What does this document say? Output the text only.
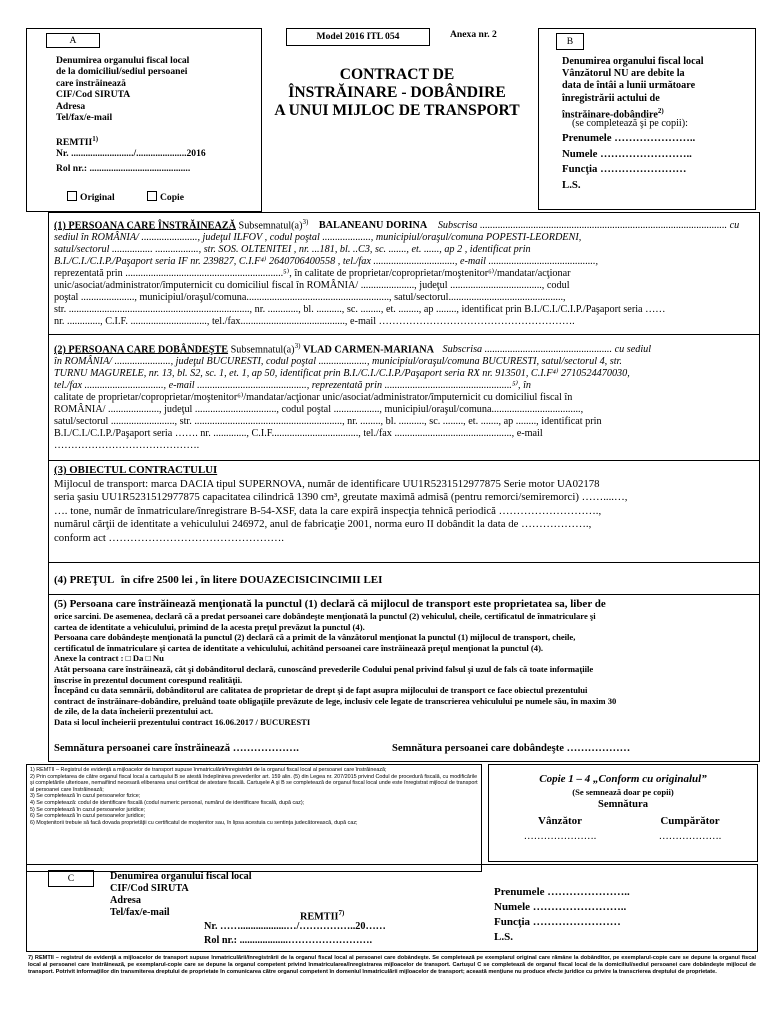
A
Denumirea organului fiscal local
de la domiciliul/sediul persoanei
care înstrăinează
CIF/Cod SIRUTA
Adresa
Tel/fax/e-mail
REMTII$^{1)}$
Nr. ........................../.....................2016
Rol nr.: ..........................................
Original	Copie
Model 2016 ITL 054	Anexa nr. 2
CONTRACT DE
ÎNSTRĂINARE - DOBÂNDIRE
A UNUI MIJLOC DE TRANSPORT
B
Denumirea organului fiscal local
Vânzătorul NU are debite la
data de întâi a lunii următoare
înregistrării actului de
înstrăinare-dobândire$^{2)}$
(se completează şi pe copii):
Prenumele …………………..
Numele ……………………..
Funcţia ……………………
L.S.

(1) PERSOANA CARE ÎNSTRĂINEAZĂ $Subsemnatul(a)^{3)}$ BALANEANU DORINA Subscrisa ................................................................................................. cu

sediul în ROMÂNIA/ ......................, judeţul ILFOV , codul poştal ..................., municipiul/oraşul/comuna POPESTI-LEORDENI,

satul/sectorul ................ ................., str. SOS. OLTENITEI , nr. ...181, bl. ..C3, sc. ......., et. ......, ap 2 , identificat prin

B.I./C.I./C.I.P./Paşaport seria IF nr. 239827, C.I.F⁴⁾ 2640706400558 , tel./fax ................................, e-mail ..........................................,

reprezentată prin ..............................................................⁵⁾, în calitate de proprietar/coproprietar/moştenitor⁶⁾/mandatar/acţionar

unic/asociat/administrator/împuternicit cu domiciliul fiscal în ROMÂNIA/ ....................., judeţul ...................................., codul

poştal ....................., municipiul/oraşul/comuna........................................................, satul/sectorul.............................................,

str. ......................................................................., nr. ............, bl. .........., sc. ........, et. ........, ap ........, identificat prin B.I./C.I./C.I.P./Paşaport seria ……

nr. ............., C.I.F. .............................., tel./fax........................................., e-mail ………………………………………………….

(2) PERSOANA CARE DOBÂNDEŞTE $Subsemnatul(a)^{3)}$ VLAD CARMEN-MARIANA Subscrisa .................................................. cu sediul

în ROMÂNIA/ ......................, judeţul BUCURESTI, codul poştal ..................., municipiul/oraşul/comuna BUCURESTI, satul/sectorul 4, str.

TURNU MAGURELE, nr. 13, bl. S2, sc. 1, et. 1, ap 50, identificat prin B.I./C.I./C.I.P./Paşaport seria RX nr. 913501, C.I.F⁴⁾ 2710524470030,

tel./fax ..............................., e-mail ..........................................., reprezentată prin ..................................................⁵⁾, în

calitate de proprietar/coproprietar/moştenitor⁶⁾/mandatar/acţionar unic/asociat/administrator/împuternicit cu domiciliul fiscal în

ROMÂNIA/ ...................., judeţul ................................, codul poştal .................., municipiul/oraşul/comuna...................................,

satul/sectorul ........................., str. .........................................................., nr. ........, bl. .........., sc. ........, et. ......., ap ........, identificat prin

B.I./C.I./C.I.P./Paşaport seria ……. nr. ............., C.I.F.................................., tel./fax .............................................., e-mail

…………………………………….

(3) OBIECTUL CONTRACTULUI

Mijlocul de transport: marca DACIA tipul SUPERNOVA, număr de identificare UU1R5231512977875 Serie motor UA02178

seria şasiu UU1R5231512977875 capacitatea cilindrică 1390 cm³, greutate maximă admisă (pentru remorci/semiremorci) ……....…,

…. tone, număr de înmatriculare/înregistrare B-54-XSF, data la care expiră inspecţia tehnică periodică ……………………….,

numărul cărţii de identitate a vehiculului 246972, anul de fabricaţie 2001, norma euro II dobândit la data de ……………….,

conform act ………………………………………….

(4) PREŢUL în cifre 2500 lei , în litere DOUAZECISICINCIMII LEI

(5) Persoana care înstrăinează menţionată la punctul (1) declară că mijlocul de transport este proprietatea sa, liber de

orice sarcini. De asemenea, declară că a predat persoanei care dobândeşte menţionată la punctul (2) vehiculul, cheile, certificatul de înmatriculare şi

cartea de identitate a vehiculului, primind de la acesta preţul prevăzut la punctul (4).

Persoana care dobândeşte menţionată la punctul (2) declară că a primit de la vânzătorul menţionat la punctul (1) mijlocul de transport, cheile,

certificatul de înmatriculare şi cartea de identitate a vehiculului, achitând persoanei care înstrăinează preţul menţionat la punctul (4).

Anexe la contract : □ Da □ Nu

Atât persoana care înstrăinează, cât şi dobânditorul declară, cunoscând prevederile Codului penal privind falsul şi uzul de fals că toate informaţiile

înscrise în prezentul document corespund realităţii.

Începând cu data semnării, dobânditorul are calitatea de proprietar de drept şi de fapt asupra mijlocului de transport ce face obiectul prezentului

contract de înstrăinare-dobândire, preluând toate obligaţiile prevăzute de lege, inclusiv cele legate de transcrierea vehiculului pe numele său, în maxim 30

de zile, de la data încheierii prezentului act.

Data si locul încheierii prezentului contract 16.06.2017 / BUCURESTI

Semnătura persoanei care înstrăinează ……………….	Semnătura persoanei care dobândeşte ………………
1) REMTII – Registrul de evidenţă a mijloacelor de transport supuse înmatriculării/înregistrării de la organul fiscal local al persoanei care înstrăinează;
2) Prin completarea de către organul fiscal local a cartuşului B se atestă îndeplinirea prevederilor art. 159 alin. (5) din Legea nr. 207/2015 privind Codul de procedură fiscală, cu modificările şi completările ulterioare, nemaifiind necesară eliberarea unui certificat de atestare fiscală. Cartuşele A şi B se completează de organul fiscal local unde este înregistrat mijlocul de transport al persoanei care înstrăinează;
3) Se completează în cazul persoanelor fizice;
4) Se completează: codul de identificare fiscală (codul numeric personal, numărul de identificare fiscală, după caz);
5) Se completează în cazul persoanelor juridice;
6) Se completează în cazul persoanelor juridice;
6) Moştenitorii trebuie să facă dovada proprietăţii cu certificatul de moştenitor sau, în lipsa acestuia cu sentinţa judecătorească, după caz;
Copie 1 – 4 „Conform cu originalul”
(Se semnează doar pe copii)
Semnătura
Vânzător	Cumpărător
………………….	……………….
C	Denumirea organului fiscal local
CIF/Cod SIRUTA
Adresa
Tel/fax/e-mail	REMTII$^{7)}$
Nr. ……..................…/……………..20……
Rol nr.: ...................…………………….
Prenumele …………………..
Numele ……………………..
Funcţia ……………………
L.S.
7) REMTII – registrul de evidenţă a mijloacelor de transport supuse înmatriculării/înregistrării de la organul fiscal local al persoanei care dobândeşte. Se completează pe exemplarul original care rămâne la dobânditor, pe exemplarul-copie care se depune la organul fiscal local al persoanei care înstrăinează, pe exemplarul-copie care se depune la organul competent privind înmatricularea/înregistrarea mijloacelor de transport. Cartuşul C se completează de organul fiscal local de la domiciliul/sediul persoanei care dobândeşte mijlocul de transport. Potrivit informaţiilor din transmiterea dreptului de proprietate în comunicarea către organul competent în domeniul înmatriculării mijloacelor de transport; această menţiune nu produce efecte juridice cu privire la transcrierea dreptului de proprietate.
